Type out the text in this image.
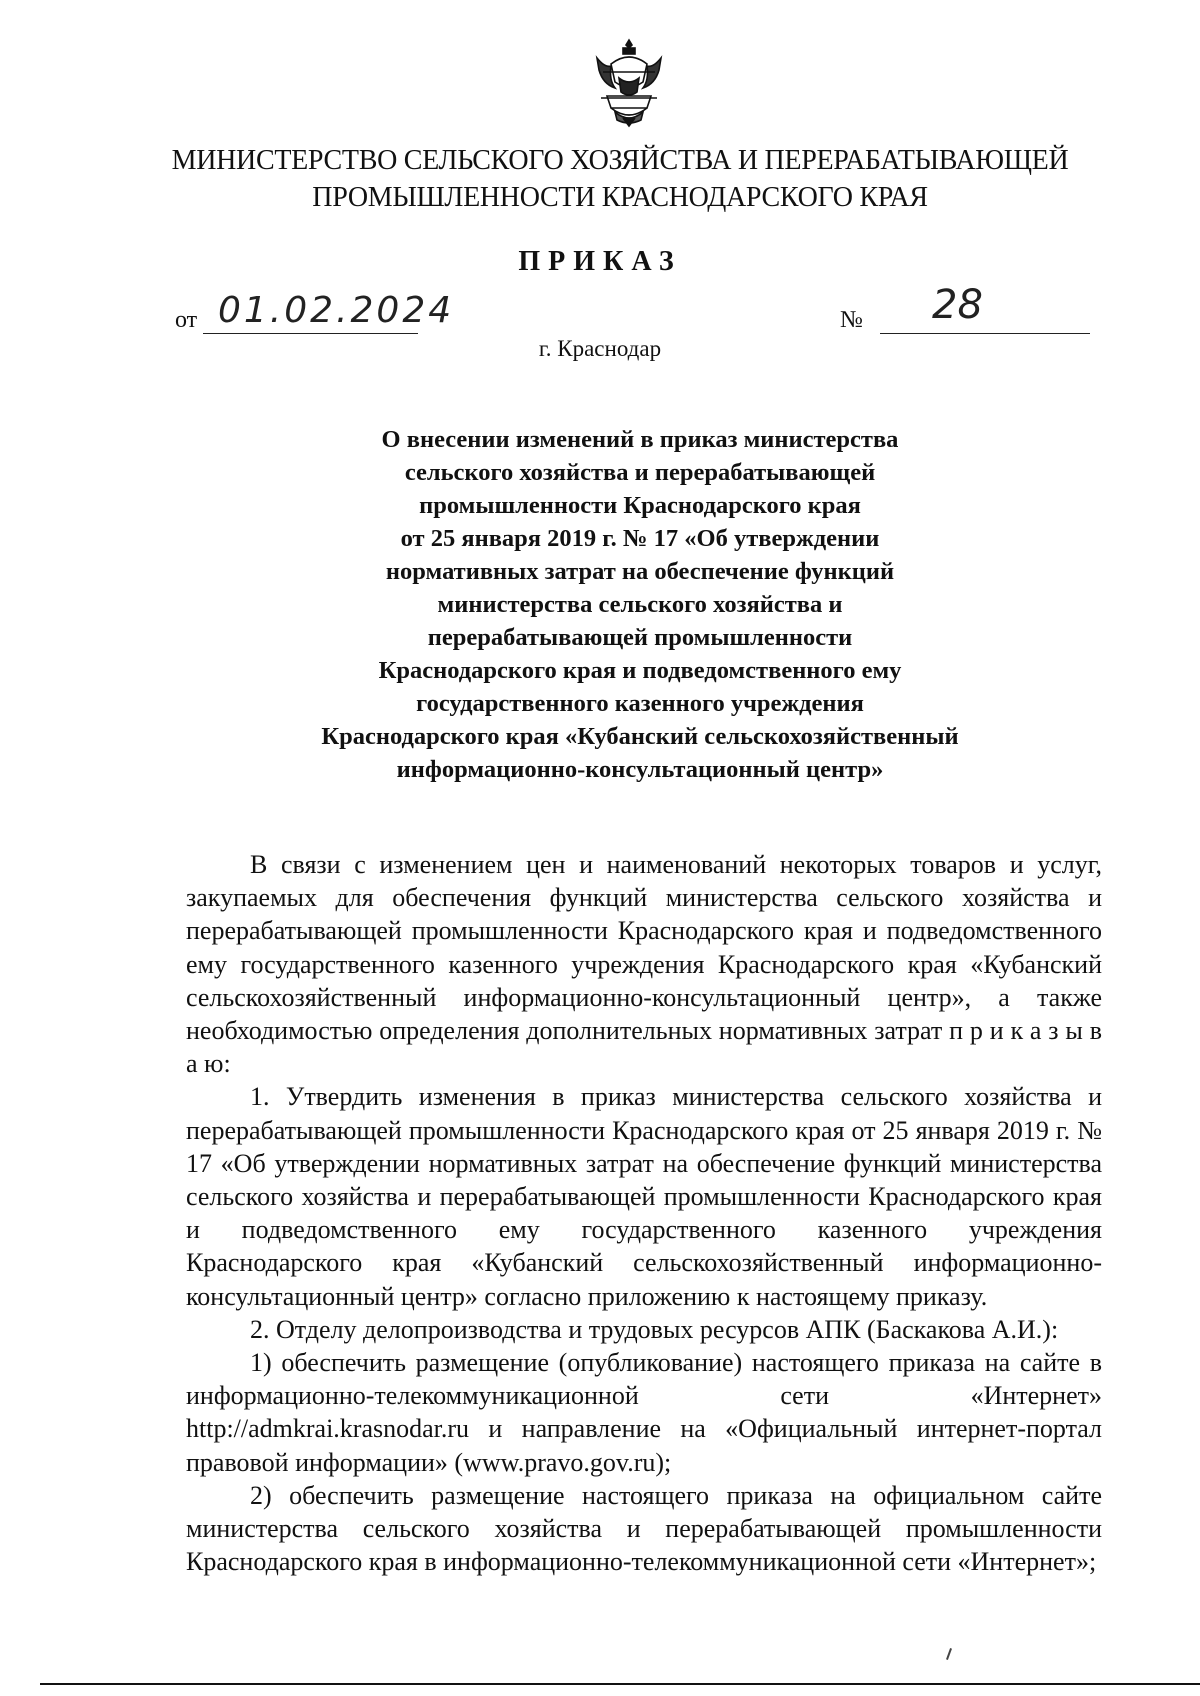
МИНИСТЕРСТВО СЕЛЬСКОГО ХОЗЯЙСТВА И ПЕРЕРАБАТЫВАЮЩЕЙ
ПРОМЫШЛЕННОСТИ КРАСНОДАРСКОГО КРАЯ
ПРИКАЗ
от 01.02.2024	№ 28
г. Краснодар
О внесении изменений в приказ министерства
сельского хозяйства и перерабатывающей
промышленности Краснодарского края
от 25 января 2019 г. № 17 «Об утверждении
нормативных затрат на обеспечение функций
министерства сельского хозяйства и
перерабатывающей промышленности
Краснодарского края и подведомственного ему
государственного казенного учреждения
Краснодарского края «Кубанский сельскохозяйственный
информационно-консультационный центр»

В связи с изменением цен и наименований некоторых товаров и услуг, закупаемых для обеспечения функций министерства сельского хозяйства и перерабатывающей промышленности Краснодарского края и подведомственного ему государственного казенного учреждения Краснодарского края «Кубанский сельскохозяйственный информационно-консультационный центр», а также необходимостью определения дополнительных нормативных затрат п р и к а з ы в а ю:

1. Утвердить изменения в приказ министерства сельского хозяйства и перерабатывающей промышленности Краснодарского края от 25 января 2019 г. № 17 «Об утверждении нормативных затрат на обеспечение функций министерства сельского хозяйства и перерабатывающей промышленности Краснодарского края и подведомственного ему государственного казенного учреждения Краснодарского края «Кубанский сельскохозяйственный информационно-консультационный центр» согласно приложению к настоящему приказу.

2. Отделу делопроизводства и трудовых ресурсов АПК (Баскакова А.И.):

1) обеспечить размещение (опубликование) настоящего приказа на сайте в информационно-телекоммуникационной сети «Интернет» http://admkrai.krasnodar.ru и направление на «Официальный интернет-портал правовой информации» (www.pravo.gov.ru);

2) обеспечить размещение настоящего приказа на официальном сайте министерства сельского хозяйства и перерабатывающей промышленности Краснодарского края в информационно-телекоммуникационной сети «Интернет»;
